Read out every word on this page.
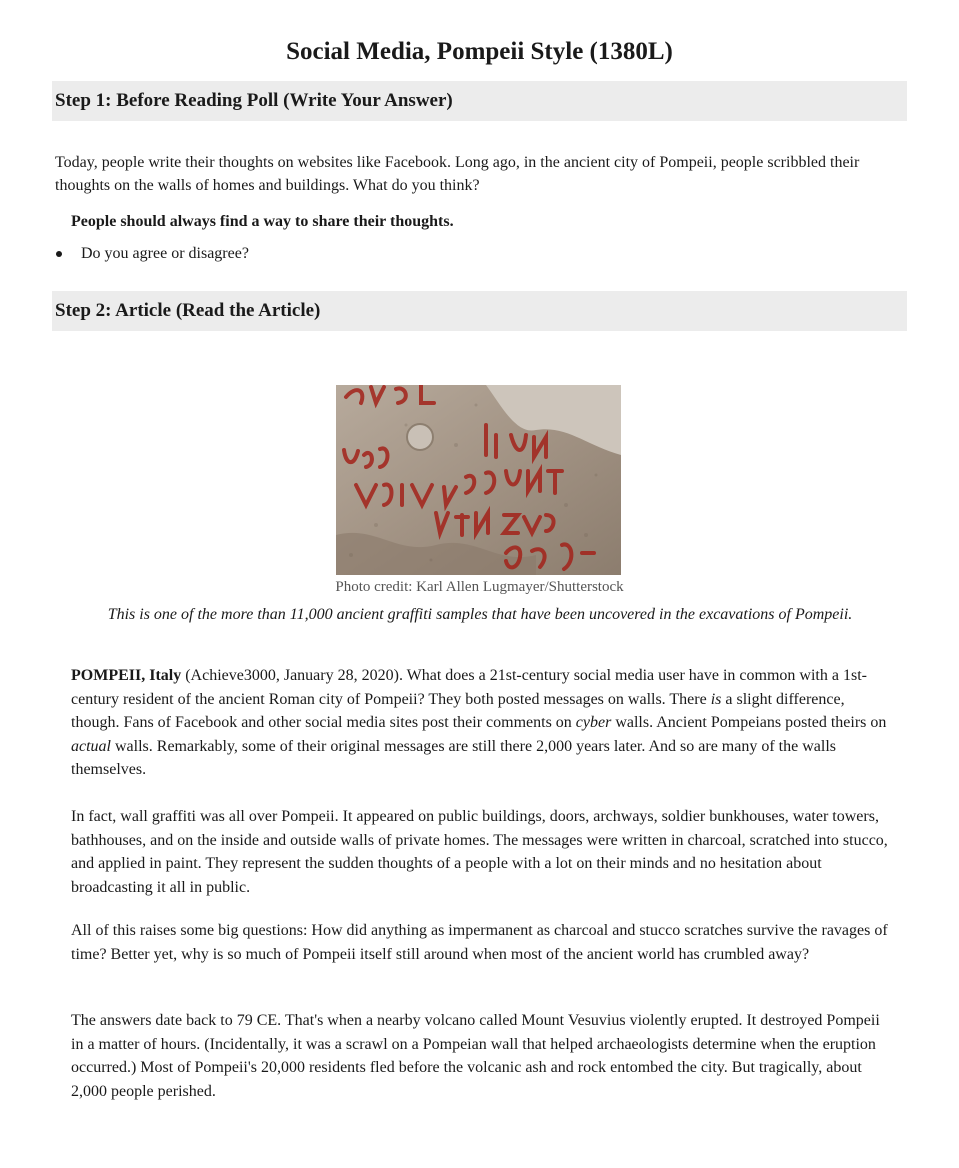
Social Media, Pompeii Style (1380L)
Step 1: Before Reading Poll (Write Your Answer)

Today, people write their thoughts on websites like Facebook. Long ago, in the ancient city of Pompeii, people scribbled their thoughts on the walls of homes and buildings. What do you think?

People should always find a way to share their thoughts.

Do you agree or disagree?
Step 2: Article (Read the Article)

Photo credit: Karl Allen Lugmayer/Shutterstock

This is one of the more than 11,000 ancient graffiti samples that have been uncovered in the excavations of Pompeii.

POMPEII, Italy (Achieve3000, January 28, 2020). What does a 21st-century social media user have in common with a 1st-century resident of the ancient Roman city of Pompeii? They both posted messages on walls. There is a slight difference, though. Fans of Facebook and other social media sites post their comments on cyber walls. Ancient Pompeians posted theirs on actual walls. Remarkably, some of their original messages are still there 2,000 years later. And so are many of the walls themselves.

In fact, wall graffiti was all over Pompeii. It appeared on public buildings, doors, archways, soldier bunkhouses, water towers, bathhouses, and on the inside and outside walls of private homes. The messages were written in charcoal, scratched into stucco, and applied in paint. They represent the sudden thoughts of a people with a lot on their minds and no hesitation about broadcasting it all in public.

All of this raises some big questions: How did anything as impermanent as charcoal and stucco scratches survive the ravages of time? Better yet, why is so much of Pompeii itself still around when most of the ancient world has crumbled away?

The answers date back to 79 CE. That's when a nearby volcano called Mount Vesuvius violently erupted. It destroyed Pompeii in a matter of hours. (Incidentally, it was a scrawl on a Pompeian wall that helped archaeologists determine when the eruption occurred.) Most of Pompeii's 20,000 residents fled before the volcanic ash and rock entombed the city. But tragically, about 2,000 people perished.
